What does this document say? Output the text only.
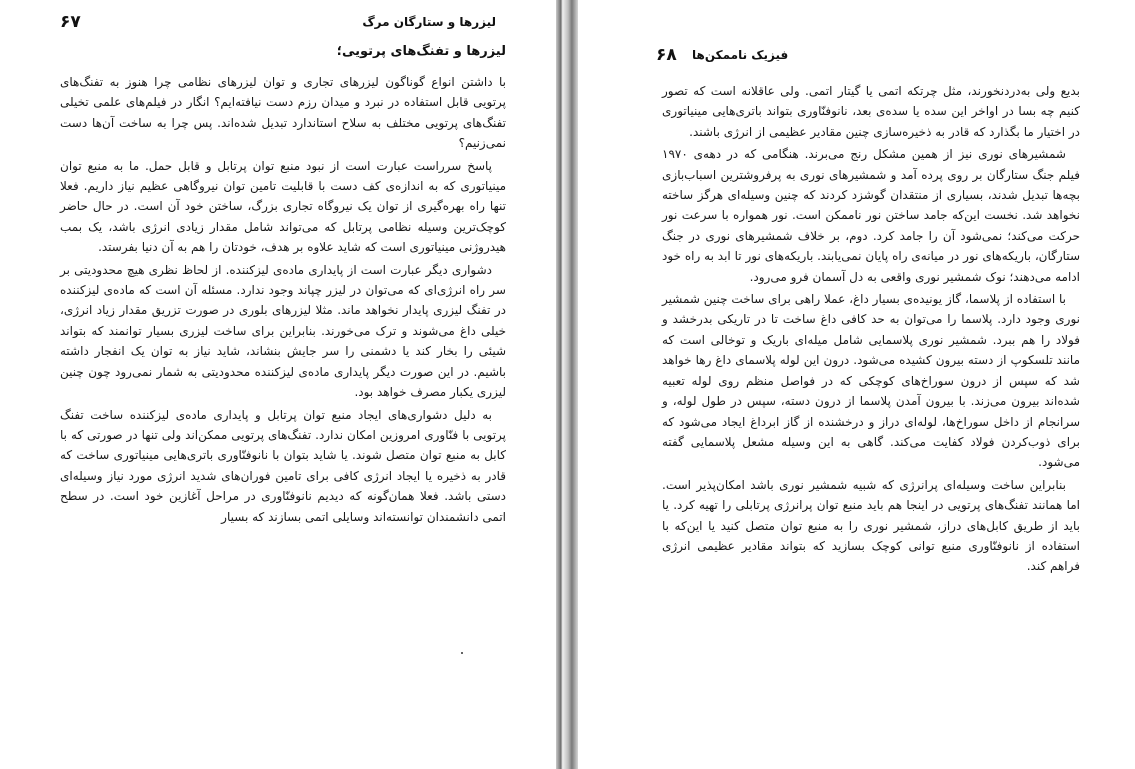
۶۷	لیزرها و ستارگان مرگ
لیزرها و تفنگ‌های پرتویی؛

با داشتن انواع گوناگون لیزرهای تجاری و توان لیزرهای نظامی چرا هنوز به تفنگ‌های پرتویی قابل استفاده در نبرد و میدان رزم دست نیافته‌ایم؟ انگار در فیلم‌های علمی تخیلی تفنگ‌های پرتویی مختلف به سلاح استاندارد تبدیل شده‌اند. پس چرا به ساخت آن‌ها دست نمی‌زنیم؟

پاسخ سرراست عبارت است از نبود منبع توان پرتابل و قابل حمل. ما به منبع توان مینیاتوری که به اندازه‌ی کف دست با قابلیت تامین توان نیروگاهی عظیم نیاز داریم. فعلا تنها راه بهره‌گیری از توان یک نیروگاه تجاری بزرگ، ساختن خود آن است. در حال حاضر کوچک‌ترین وسیله نظامی پرتابل که می‌تواند شامل مقدار زیادی انرژی باشد، یک بمب هیدروژنی مینیاتوری است که شاید علاوه بر هدف، خودتان را هم به آن دنیا بفرستد.

دشواری دیگر عبارت است از پایداری ماده‌ی لیزکننده. از لحاظ نظری هیچ محدودیتی بر سر راه انرژی‌ای که می‌توان در لیزر چپاند وجود ندارد. مسئله آن است که ماده‌ی لیزکننده در تفنگ لیزری پایدار نخواهد ماند. مثلا لیزرهای بلوری در صورت تزریق مقدار زیاد انرژی، خیلی داغ می‌شوند و ترک می‌خورند. بنابراین برای ساخت لیزری بسیار توانمند که بتواند شیئی را بخار کند یا دشمنی را سر جایش بنشاند، شاید نیاز به توان یک انفجار داشته باشیم. در این صورت دیگر پایداری ماده‌ی لیزکننده محدودیتی به شمار نمی‌رود چون چنین لیزری یکبار مصرف خواهد بود.

به دلیل دشواری‌های ایجاد منبع توان پرتابل و پایداری ماده‌ی لیزکننده ساخت تفنگ پرتویی با فنّاوری امروزین امکان ندارد. تفنگ‌های پرتویی ممکن‌اند ولی تنها در صورتی که با کابل به منبع توان متصل شوند. یا شاید بتوان با نانوفنّاوری باتری‌هایی مینیاتوری ساخت که قادر به ذخیره یا ایجاد انرژی کافی برای تامین فوران‌های شدید انرژی مورد نیاز وسیله‌ای دستی باشد. فعلا همان‌گونه که دیدیم نانوفنّاوری در مراحل آغازین خود است. در سطح اتمی دانشمندان توانسته‌اند وسایلی اتمی بسازند که بسیار

۶۸ فیزیک ناممکن‌ها

بدیع ولی به‌دردنخورند، مثل چرتکه اتمی یا گیتار اتمی. ولی عاقلانه است که تصور کنیم چه بسا در اواخر این سده یا سده‌ی بعد، نانوفنّاوری بتواند باتری‌هایی مینیاتوری در اختیار ما بگذارد که قادر به ذخیره‌سازی چنین مقادیر عظیمی از انرژی باشند.

شمشیرهای نوری نیز از همین مشکل رنج می‌برند. هنگامی که در دهه‌ی ۱۹۷۰ فیلم جنگ ستارگان بر روی پرده آمد و شمشیرهای نوری به پرفروشترین اسباب‌بازی بچه‌ها تبدیل شدند، بسیاری از منتقدان گوشزد کردند که چنین وسیله‌ای هرگز ساخته نخواهد شد. نخست این‌که جامد ساختن نور ناممکن است. نور همواره با سرعت نور حرکت می‌کند؛ نمی‌شود آن را جامد کرد. دوم، بر خلاف شمشیرهای نوری در جنگ ستارگان، باریکه‌های نور در میانه‌ی راه پایان نمی‌یابند. باریکه‌های نور تا ابد به راه خود ادامه می‌دهند؛ نوک شمشیر نوری واقعی به دل آسمان فرو می‌رود.

با استفاده از پلاسما، گاز یونیده‌ی بسیار داغ، عملا راهی برای ساخت چنین شمشیر نوری وجود دارد. پلاسما را می‌توان به حد کافی داغ ساخت تا در تاریکی بدرخشد و فولاد را هم ببرد. شمشیر نوری پلاسمایی شامل میله‌ای باریک و توخالی است که مانند تلسکوپ از دسته بیرون کشیده می‌شود. درون این لوله پلاسمای داغ رها خواهد شد که سپس از درون سوراخ‌های کوچکی که در فواصل منظم روی لوله تعبیه شده‌اند بیرون می‌زند. با بیرون آمدن پلاسما از درون دسته، سپس در طول لوله، و سرانجام از داخل سوراخ‌ها، لوله‌ای دراز و درخشنده از گاز ابرداغ ایجاد می‌شود که برای ذوب‌کردن فولاد کفایت می‌کند. گاهی به این وسیله مشعل پلاسمایی گفته می‌شود.

بنابراین ساخت وسیله‌ای پرانرژی که شبیه شمشیر نوری باشد امکان‌پذیر است. اما همانند تفنگ‌های پرتویی در اینجا هم باید منبع توان پرانرژی پرتابلی را تهیه کرد. یا باید از طریق کابل‌های دراز، شمشیر نوری را به منبع توان متصل کنید یا این‌که با استفاده از نانوفنّاوری منبع توانی کوچک بسازید که بتواند مقادیر عظیمی انرژی فراهم کند.
